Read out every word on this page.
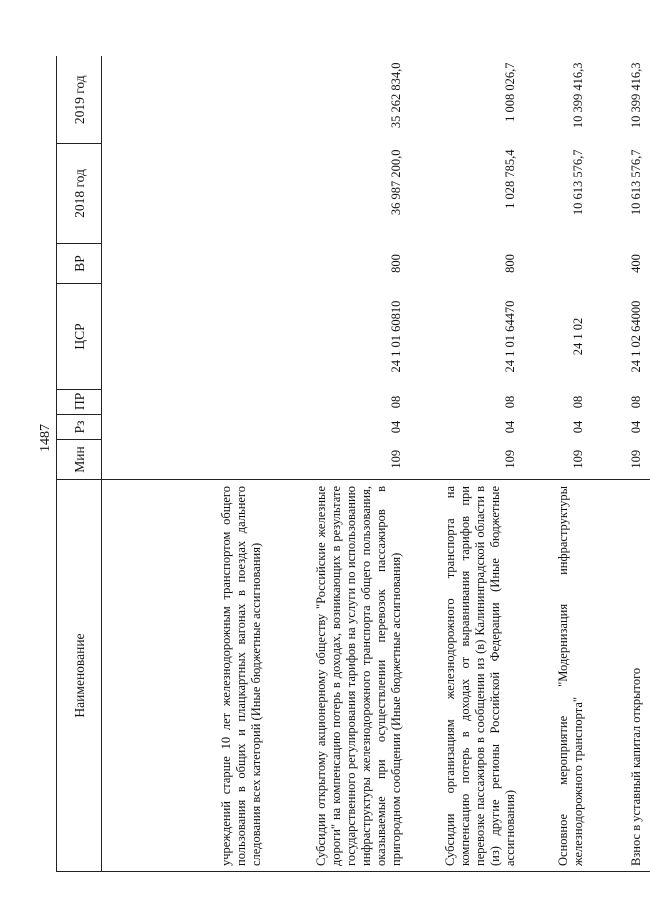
1487
Наименование	Мин	Рз	ПР	ЦСР	ВР	2018 год	2019 год
учреждений старше 10 лет железнодорожным транспортом общего пользования в общих и плацкартных вагонах в поездах дальнего следования всех категорий (Иные бюджетные ассигнования)							
Субсидии открытому акционерному обществу "Российские железные дороги" на компенсацию потерь в доходах, возникающих в результате государственного регулирования тарифов на услуги по использованию инфраструктуры железнодорожного транспорта общего пользования, оказываемые при осуществлении перевозок пассажиров в пригородном сообщении (Иные бюджетные ассигнования)	109	04	08	24 1 01 60810	800	36 987 200,0	35 262 834,0
Субсидии организациям железнодорожного транспорта на компенсацию потерь в доходах от выравнивания тарифов при перевозке пассажиров в сообщении из (в) Калининградской области в (из) другие регионы Российской Федерации (Иные бюджетные ассигнования)	109	04	08	24 1 01 64470	800	1 028 785,4	1 008 026,7
Основное мероприятие "Модернизация инфраструктуры железнодорожного транспорта"	109	04	08	24 1 02		10 613 576,7	10 399 416,3
Взнос в уставный капитал открытого	109	04	08	24 1 02 64000	400	10 613 576,7	10 399 416,3
